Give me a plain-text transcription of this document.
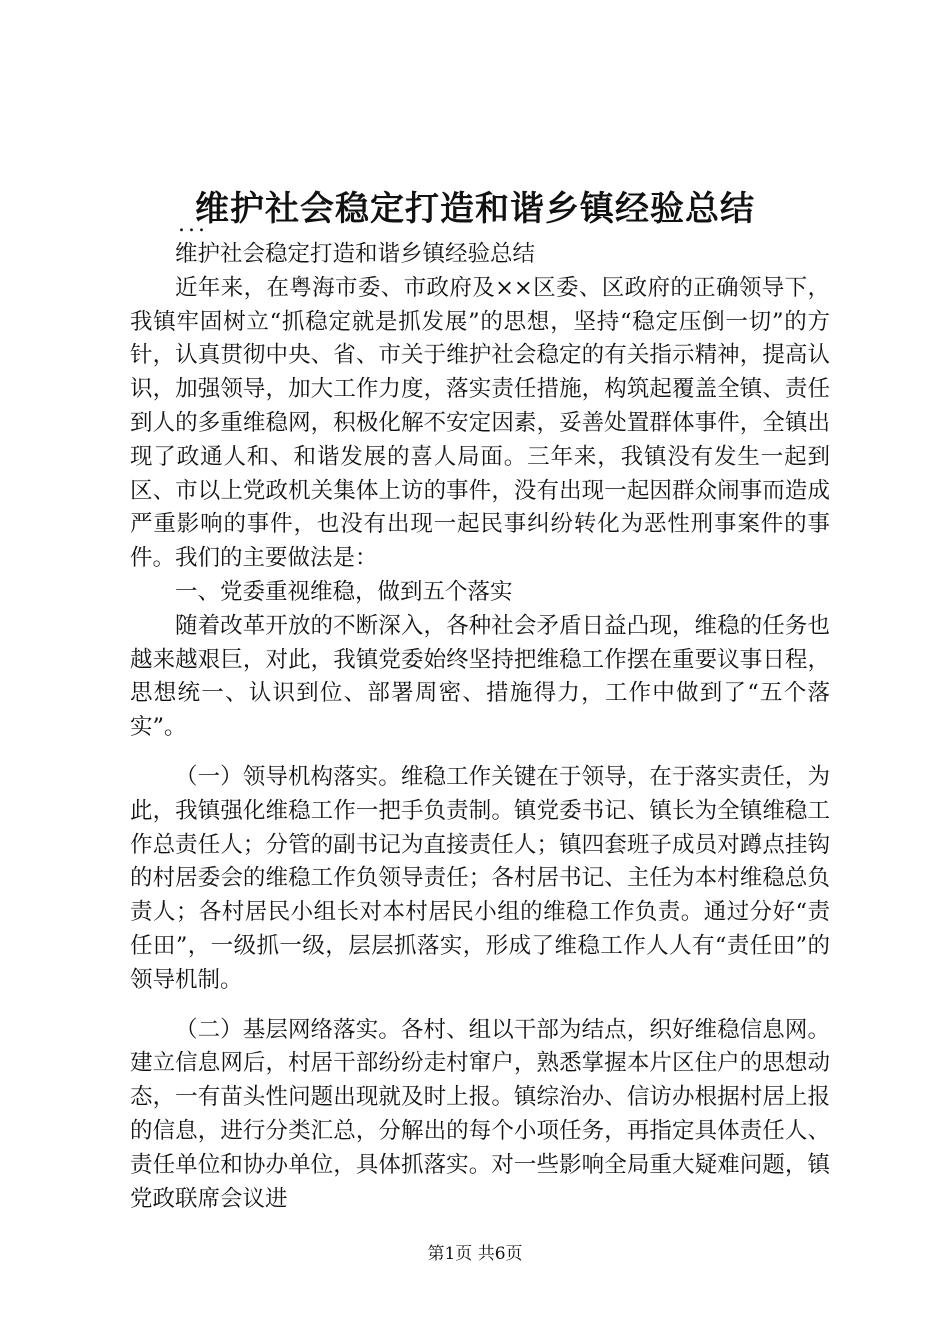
维护社会稳定打造和谐乡镇经验总结
...

维护社会稳定打造和谐乡镇经验总结

近年来，在粤海市委、市政府及××区委、区政府的正确领导下，我镇牢固树立“抓稳定就是抓发展”的思想，坚持“稳定压倒一切”的方针，认真贯彻中央、省、市关于维护社会稳定的有关指示精神，提高认识，加强领导，加大工作力度，落实责任措施，构筑起覆盖全镇、责任到人的多重维稳网，积极化解不安定因素，妥善处置群体事件，全镇出现了政通人和、和谐发展的喜人局面。三年来，我镇没有发生一起到区、市以上党政机关集体上访的事件，没有出现一起因群众闹事而造成严重影响的事件，也没有出现一起民事纠纷转化为恶性刑事案件的事件。我们的主要做法是：

一、党委重视维稳，做到五个落实

随着改革开放的不断深入，各种社会矛盾日益凸现，维稳的任务也越来越艰巨，对此，我镇党委始终坚持把维稳工作摆在重要议事日程，思想统一、认识到位、部署周密、措施得力，工作中做到了“五个落实”。

（一）领导机构落实。维稳工作关键在于领导，在于落实责任，为此，我镇强化维稳工作一把手负责制。镇党委书记、镇长为全镇维稳工作总责任人；分管的副书记为直接责任人；镇四套班子成员对蹲点挂钩的村居委会的维稳工作负领导责任；各村居书记、主任为本村维稳总负责人；各村居民小组长对本村居民小组的维稳工作负责。通过分好“责任田”，一级抓一级，层层抓落实，形成了维稳工作人人有“责任田”的领导机制。

（二）基层网络落实。各村、组以干部为结点，织好维稳信息网。建立信息网后，村居干部纷纷走村窜户，熟悉掌握本片区住户的思想动态，一有苗头性问题出现就及时上报。镇综治办、信访办根据村居上报的信息，进行分类汇总，分解出的每个小项任务，再指定具体责任人、责任单位和协办单位，具体抓落实。对一些影响全局重大疑难问题，镇党政联席会议进

第1页 共6页
